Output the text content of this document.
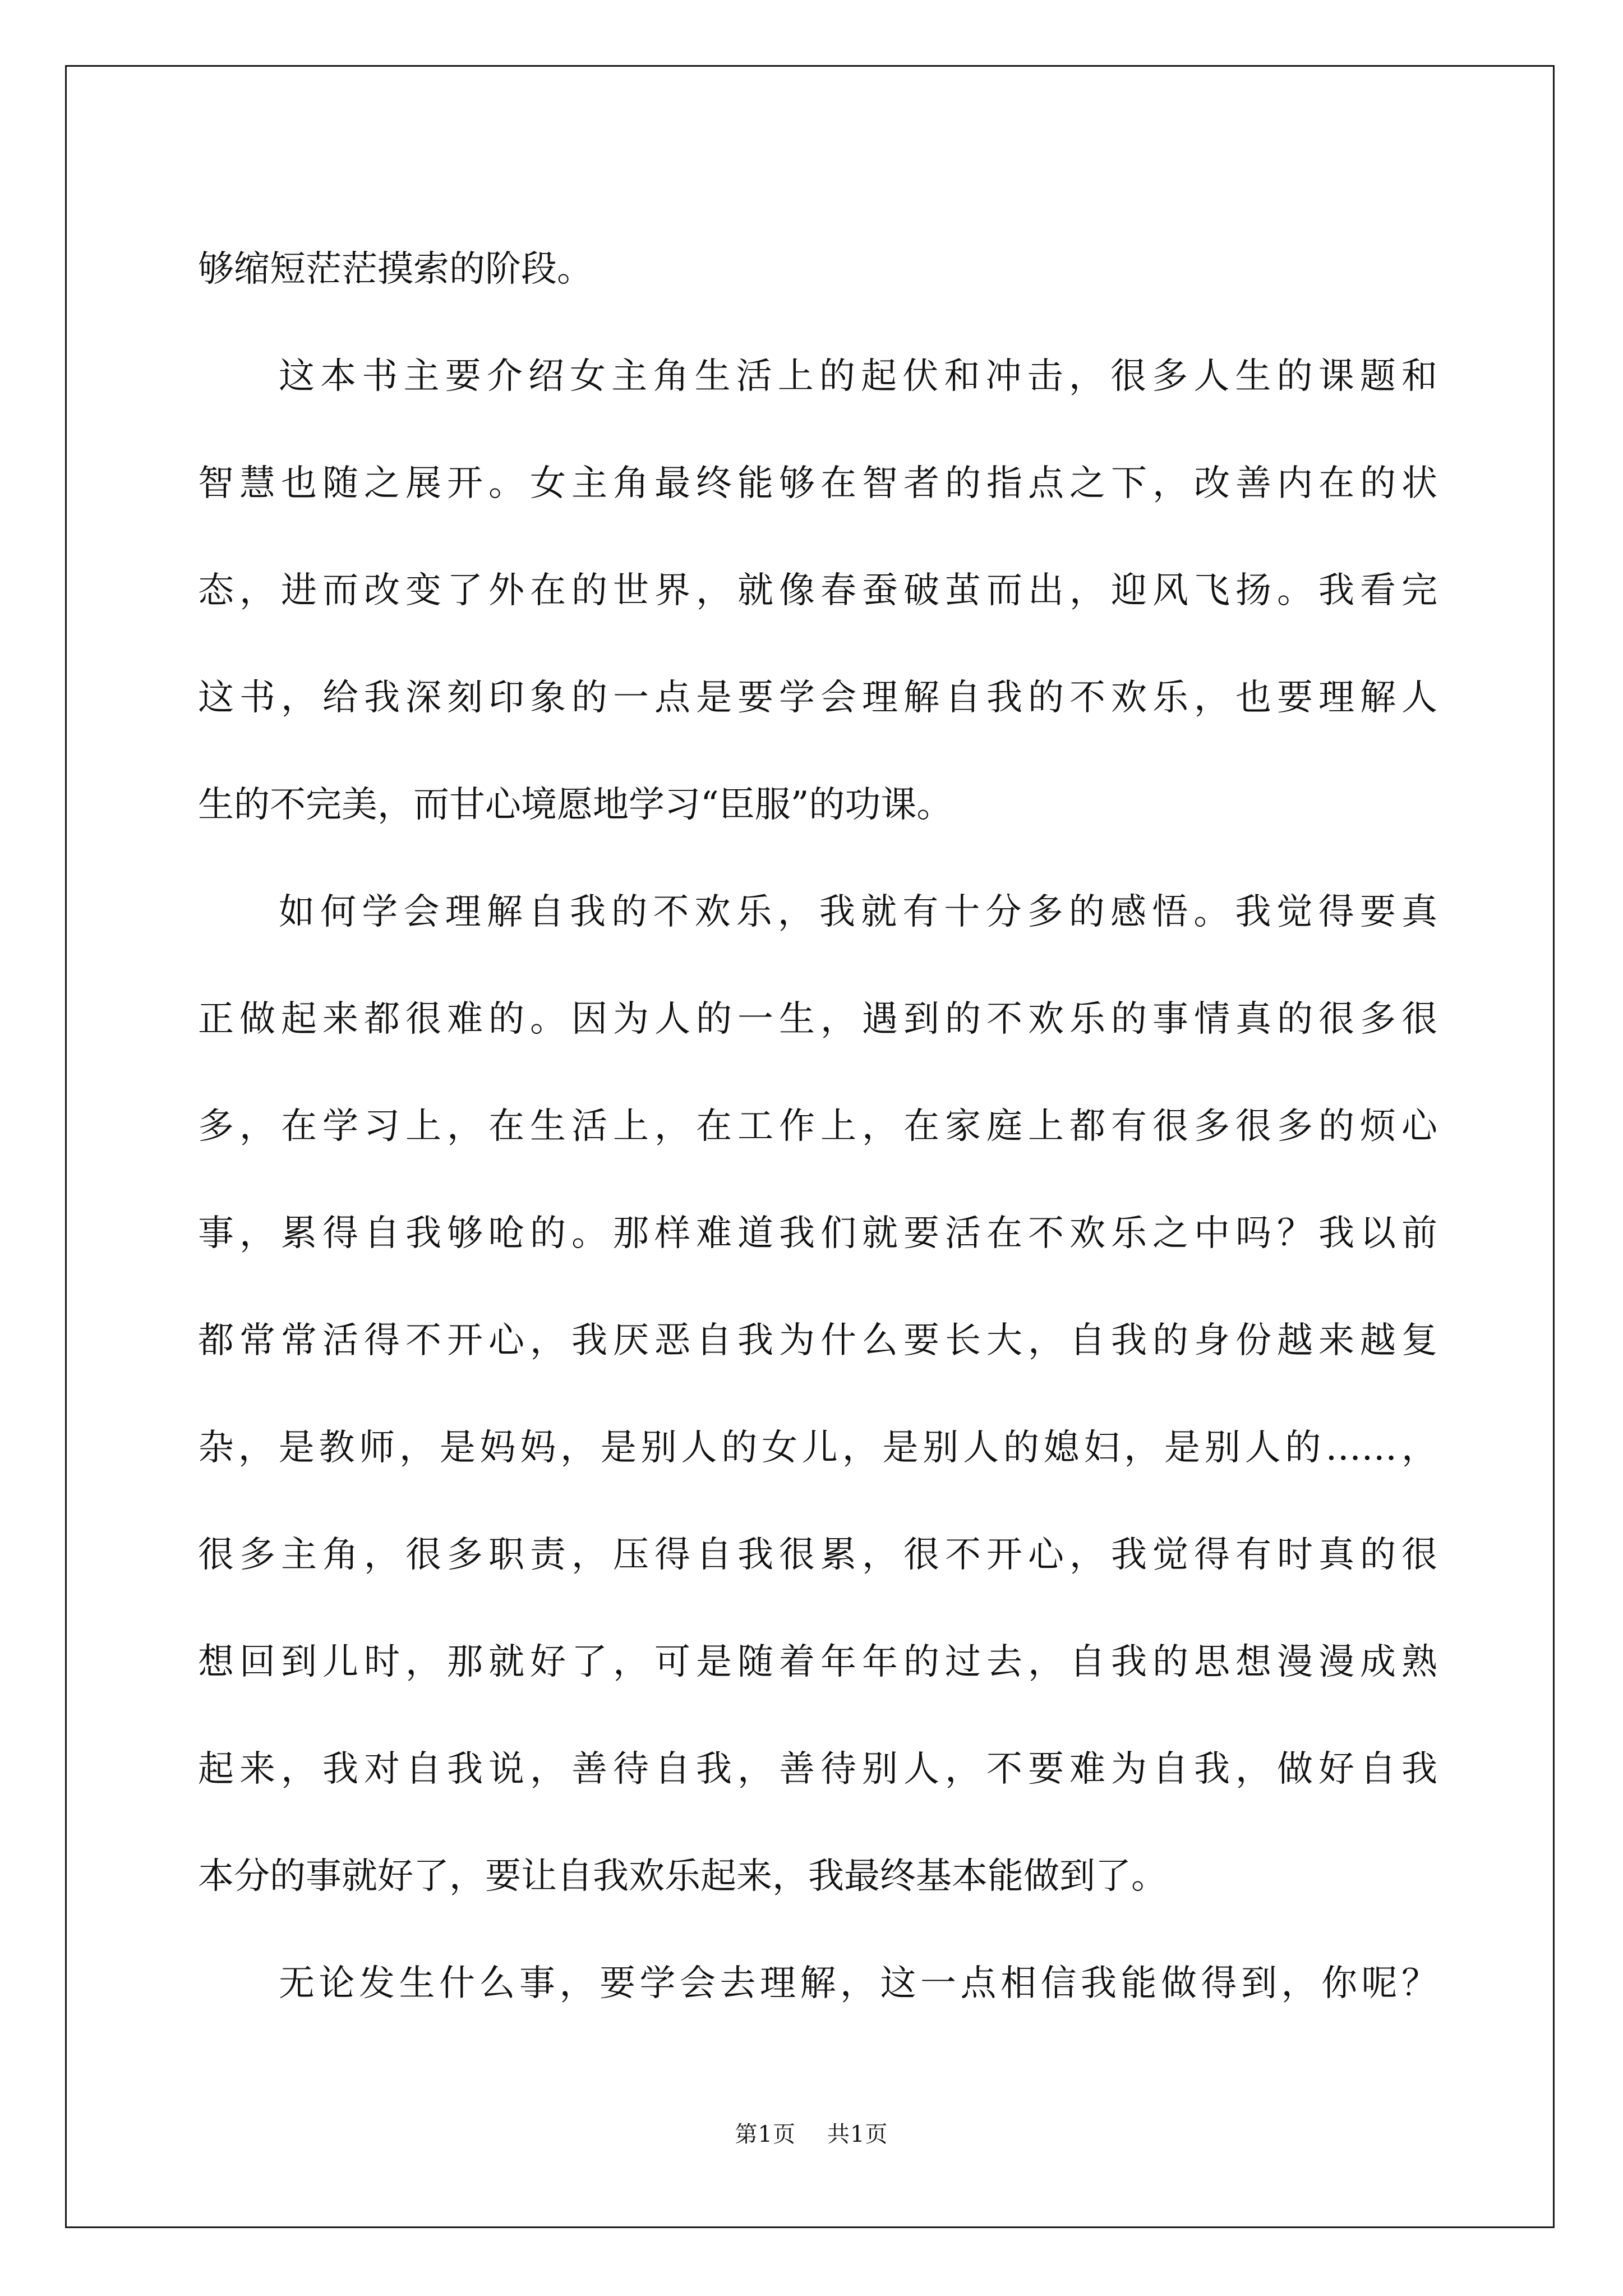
够缩短茫茫摸索的阶段。
这本书主要介绍女主角生活上的起伏和冲击，很多人生的课题和
智慧也随之展开。女主角最终能够在智者的指点之下，改善内在的状
态，进而改变了外在的世界，就像春蚕破茧而出，迎风飞扬。我看完
这书，给我深刻印象的一点是要学会理解自我的不欢乐，也要理解人
生的不完美，而甘心境愿地学习“臣服”的功课。
如何学会理解自我的不欢乐，我就有十分多的感悟。我觉得要真
正做起来都很难的。因为人的一生，遇到的不欢乐的事情真的很多很
多，在学习上，在生活上，在工作上，在家庭上都有很多很多的烦心
事，累得自我够呛的。那样难道我们就要活在不欢乐之中吗？我以前
都常常活得不开心，我厌恶自我为什么要长大，自我的身份越来越复
杂，是教师，是妈妈，是别人的女儿，是别人的媳妇，是别人的……，
很多主角，很多职责，压得自我很累，很不开心，我觉得有时真的很
想回到儿时，那就好了，可是随着年年的过去，自我的思想漫漫成熟
起来，我对自我说，善待自我，善待别人，不要难为自我，做好自我
本分的事就好了，要让自我欢乐起来，我最终基本能做到了。
无论发生什么事，要学会去理解，这一点相信我能做得到，你呢？
第1页 共1页
